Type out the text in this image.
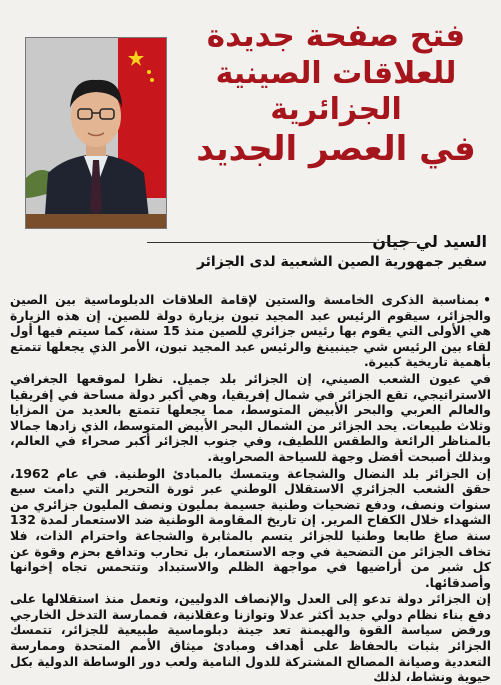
فتح صفحة جديدة
للعلاقات الصينية الجزائرية
في العصر الجديد
السيد لي جيان
سفير جمهورية الصين الشعبية لدى الجزائر

•بمناسبة الذكرى الخامسة والستين لإقامة العلاقات الدبلوماسية بين الصين والجزائر، سيقوم الرئيس عبد المجيد تبون بزيارة دولة للصين. إن هذه الزيارة هي الأولى التي يقوم بها رئيس جزائري للصين منذ 15 سنة، كما سيتم فيها أول لقاء بين الرئيس شي جينبينغ والرئيس عبد المجيد تبون، الأمر الذي يجعلها تتمتع بأهمية تاريخية كبيرة.

في عيون الشعب الصيني، إن الجزائر بلد جميل. نظرا لموقعها الجغرافي الاستراتيجي، تقع الجزائر في شمال إفريقيا، وهي أكبر دولة مساحة في إفريقيا والعالم العربي والبحر الأبيض المتوسط، مما يجعلها تتمتع بالعديد من المزايا وثلاث طبيعات. يحد الجزائر من الشمال البحر الأبيض المتوسط، الذي زادها جمالا بالمناظر الرائعة والطقس اللطيف، وفي جنوب الجزائر أكبر صحراء في العالم، وبذلك أصبحت أفضل وجهة للسياحة الصحراوية.

إن الجزائر بلد النضال والشجاعة ويتمسك بالمبادئ الوطنية. في عام 1962، حقق الشعب الجزائري الاستقلال الوطني عبر ثورة التحرير التي دامت سبع سنوات ونصف، ودفع تضحيات وطنية جسيمة بمليون ونصف المليون جزائري من الشهداء خلال الكفاح المرير. إن تاريخ المقاومة الوطنية ضد الاستعمار لمدة 132 سنة صاغ طابعا وطنيا للجزائر يتسم بالمثابرة والشجاعة واحترام الذات، فلا تخاف الجزائر من التضحية في وجه الاستعمار، بل تحارب وتدافع بحزم وقوة عن كل شبر من أراضيها في مواجهة الظلم والاستبداد وتتحمس تجاه إخوانها وأصدقائها.

إن الجزائر دولة تدعو إلى العدل والإنصاف الدوليين، وتعمل منذ استقلالها على دفع بناء نظام دولي جديد أكثر عدلا وتوازنا وعقلانية، فممارسة التدخل الخارجي ورفض سياسة القوة والهيمنة تعد جينة دبلوماسية طبيعية للجزائر، تتمسك الجزائر بثبات بالحفاظ على أهداف ومبادئ ميثاق الأمم المتحدة وممارسة التعددية وصيانة المصالح المشتركة للدول النامية ولعب دور الوساطة الدولية بكل حيوية ونشاط، لذلك
